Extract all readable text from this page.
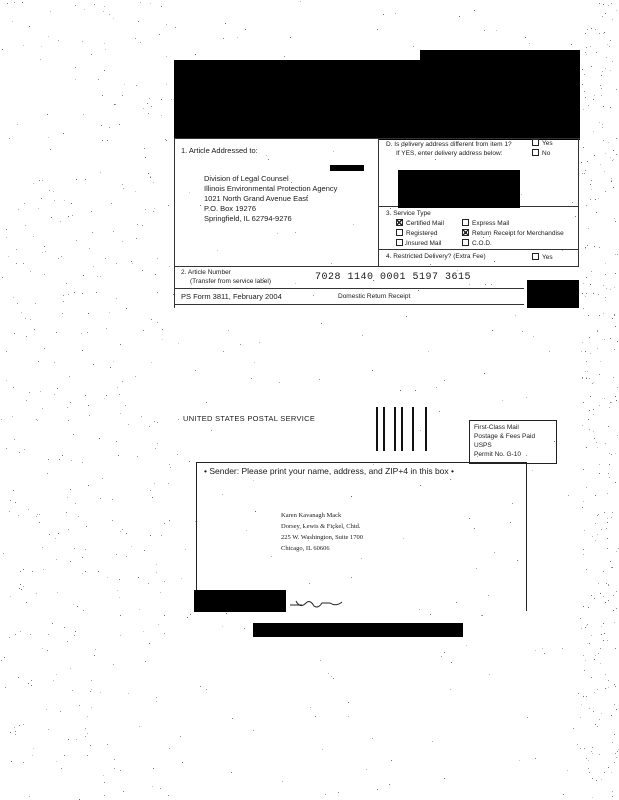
1. Article Addressed to:
Division of Legal Counsel
Illinois Environmental Protection Agency
1021 North Grand Avenue East
P.O. Box 19276
Springfield, IL 62794-9276
D. Is delivery address different from item 1?
If YES, enter delivery address below:
Yes
No
3. Service Type
Certified Mail	Express Mail
Registered	Return Receipt for Merchandise
Insured Mail	C.O.D.
4. Restricted Delivery? (Extra Fee)	Yes
2. Article Number
(Transfer from service label)	7028 1140 0001 5197 3615
PS Form 3811, February 2004	Domestic Return Receipt
UNITED STATES POSTAL SERVICE
First-Class Mail
Postage & Fees Paid
USPS
Permit No. G-10
• Sender: Please print your name, address, and ZIP+4 in this box •
Karen Kavanagh Mack
Dorsey, Lewis & Fickel, Chtd.
225 W. Washington, Suite 1700
Chicago, IL 60606
